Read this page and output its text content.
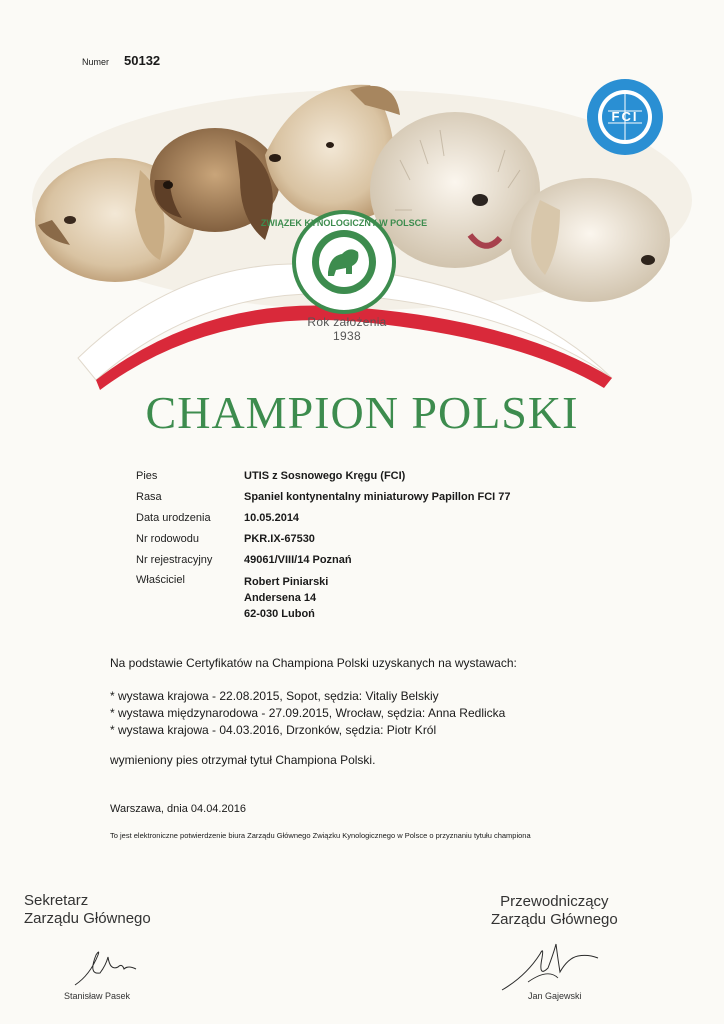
Numer 50132
ZWIĄZEK KYNOLOGICZNY W POLSCE
Rok założenia 1938
FCI
CHAMPION POLSKI
Pies	UTIS z Sosnowego Kręgu (FCI)
Rasa	Spaniel kontynentalny miniaturowy Papillon FCI 77
Data urodzenia	10.05.2014
Nr rodowodu	PKR.IX-67530
Nr rejestracyjny	49061/VIII/14 Poznań
Właściciel	Robert Piniarski
Andersena 14
62-030 Luboń

Na podstawie Certyfikatów na Championa Polski uzyskanych na wystawach:

* wystawa krajowa - 22.08.2015, Sopot, sędzia: Vitaliy Belskiy
* wystawa międzynarodowa - 27.09.2015, Wrocław, sędzia: Anna Redlicka
* wystawa krajowa - 04.03.2016, Drzonków, sędzia: Piotr Król

wymieniony pies otrzymał tytuł Championa Polski.

Warszawa, dnia 04.04.2016

To jest elektroniczne potwierdzenie biura Zarządu Głównego Związku Kynologicznego w Polsce o przyznaniu tytułu championa

Sekretarz
Zarządu Głównego
Stanisław Pasek
Przewodniczący
Zarządu Głównego
Jan Gajewski
